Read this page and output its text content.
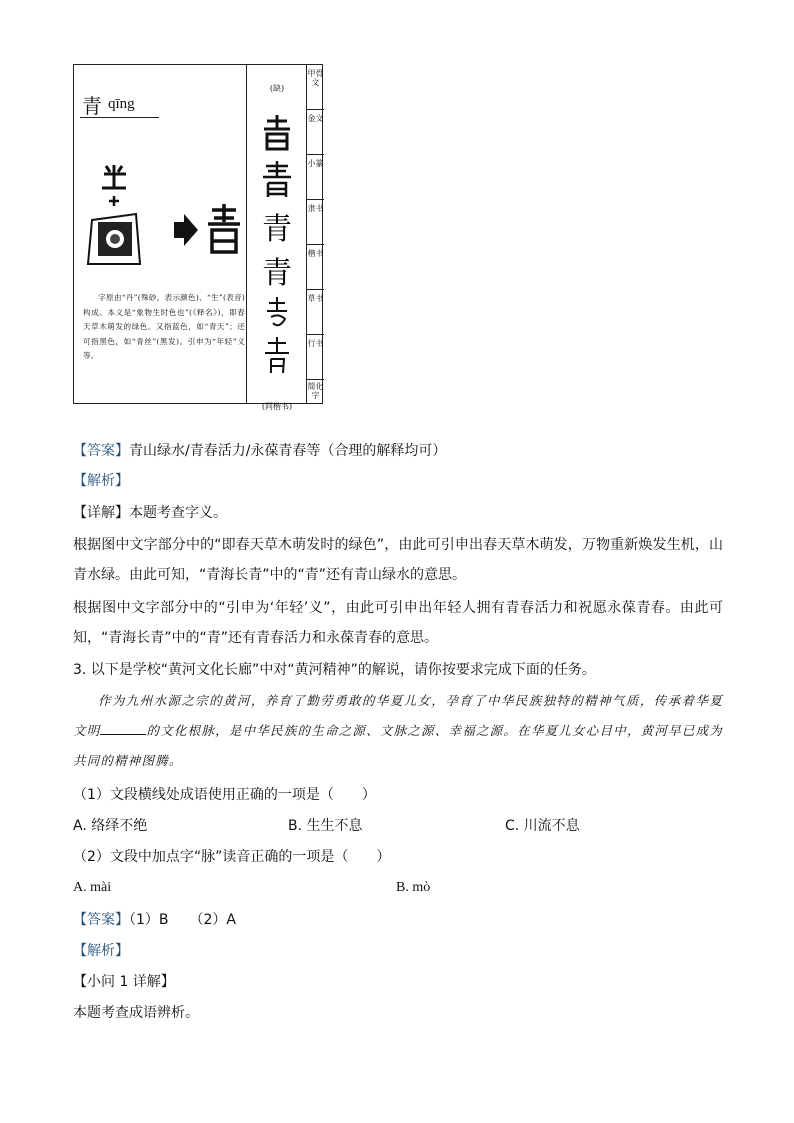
青 qīng
字原由“丹”(殊砂，表示颜色)、“生”(表音)构成。本义是“象物生时色也”(《释名》)，即春天草木萌发的绿色。又指蓝色，如“青天”；还可指黑色，如“青丝”(黑发)。引申为“年轻”义等。
(缺)
青
青
(同楷书)
甲骨文
金文
小篆
隶书
楷书
草书
行书
简化字
【答案】青山绿水/青春活力/永葆青春等（合理的解释均可）
【解析】
【详解】本题考查字义。
根据图中文字部分中的“即春天草木萌发时的绿色”，由此可引申出春天草木萌发，万物重新焕发生机，山青水绿。由此可知，“青海长青”中的“青”还有青山绿水的意思。
根据图中文字部分中的“引申为‘年轻’义”，由此可引申出年轻人拥有青春活力和祝愿永葆青春。由此可知，“青海长青”中的“青”还有青春活力和永葆青春的意思。
3. 以下是学校“黄河文化长廊”中对“黄河精神”的解说，请你按要求完成下面的任务。
作为九州水源之宗的黄河，养育了勤劳勇敢的华夏儿女，孕育了中华民族独特的精神气质，传承着华夏文明	的文化根脉，是中华民族的生命之源、文脉之源、幸福之源。在华夏儿女心目中，黄河早已成为共同的精神图腾。
（1）文段横线处成语使用正确的一项是（　　）
A. 络绎不绝	B. 生生不息	C. 川流不息
（2）文段中加点字“脉”读音正确的一项是（　　）
A. mài	B. mò
【答案】（1）B　　（2）A
【解析】
【小问 1 详解】
本题考查成语辨析。
